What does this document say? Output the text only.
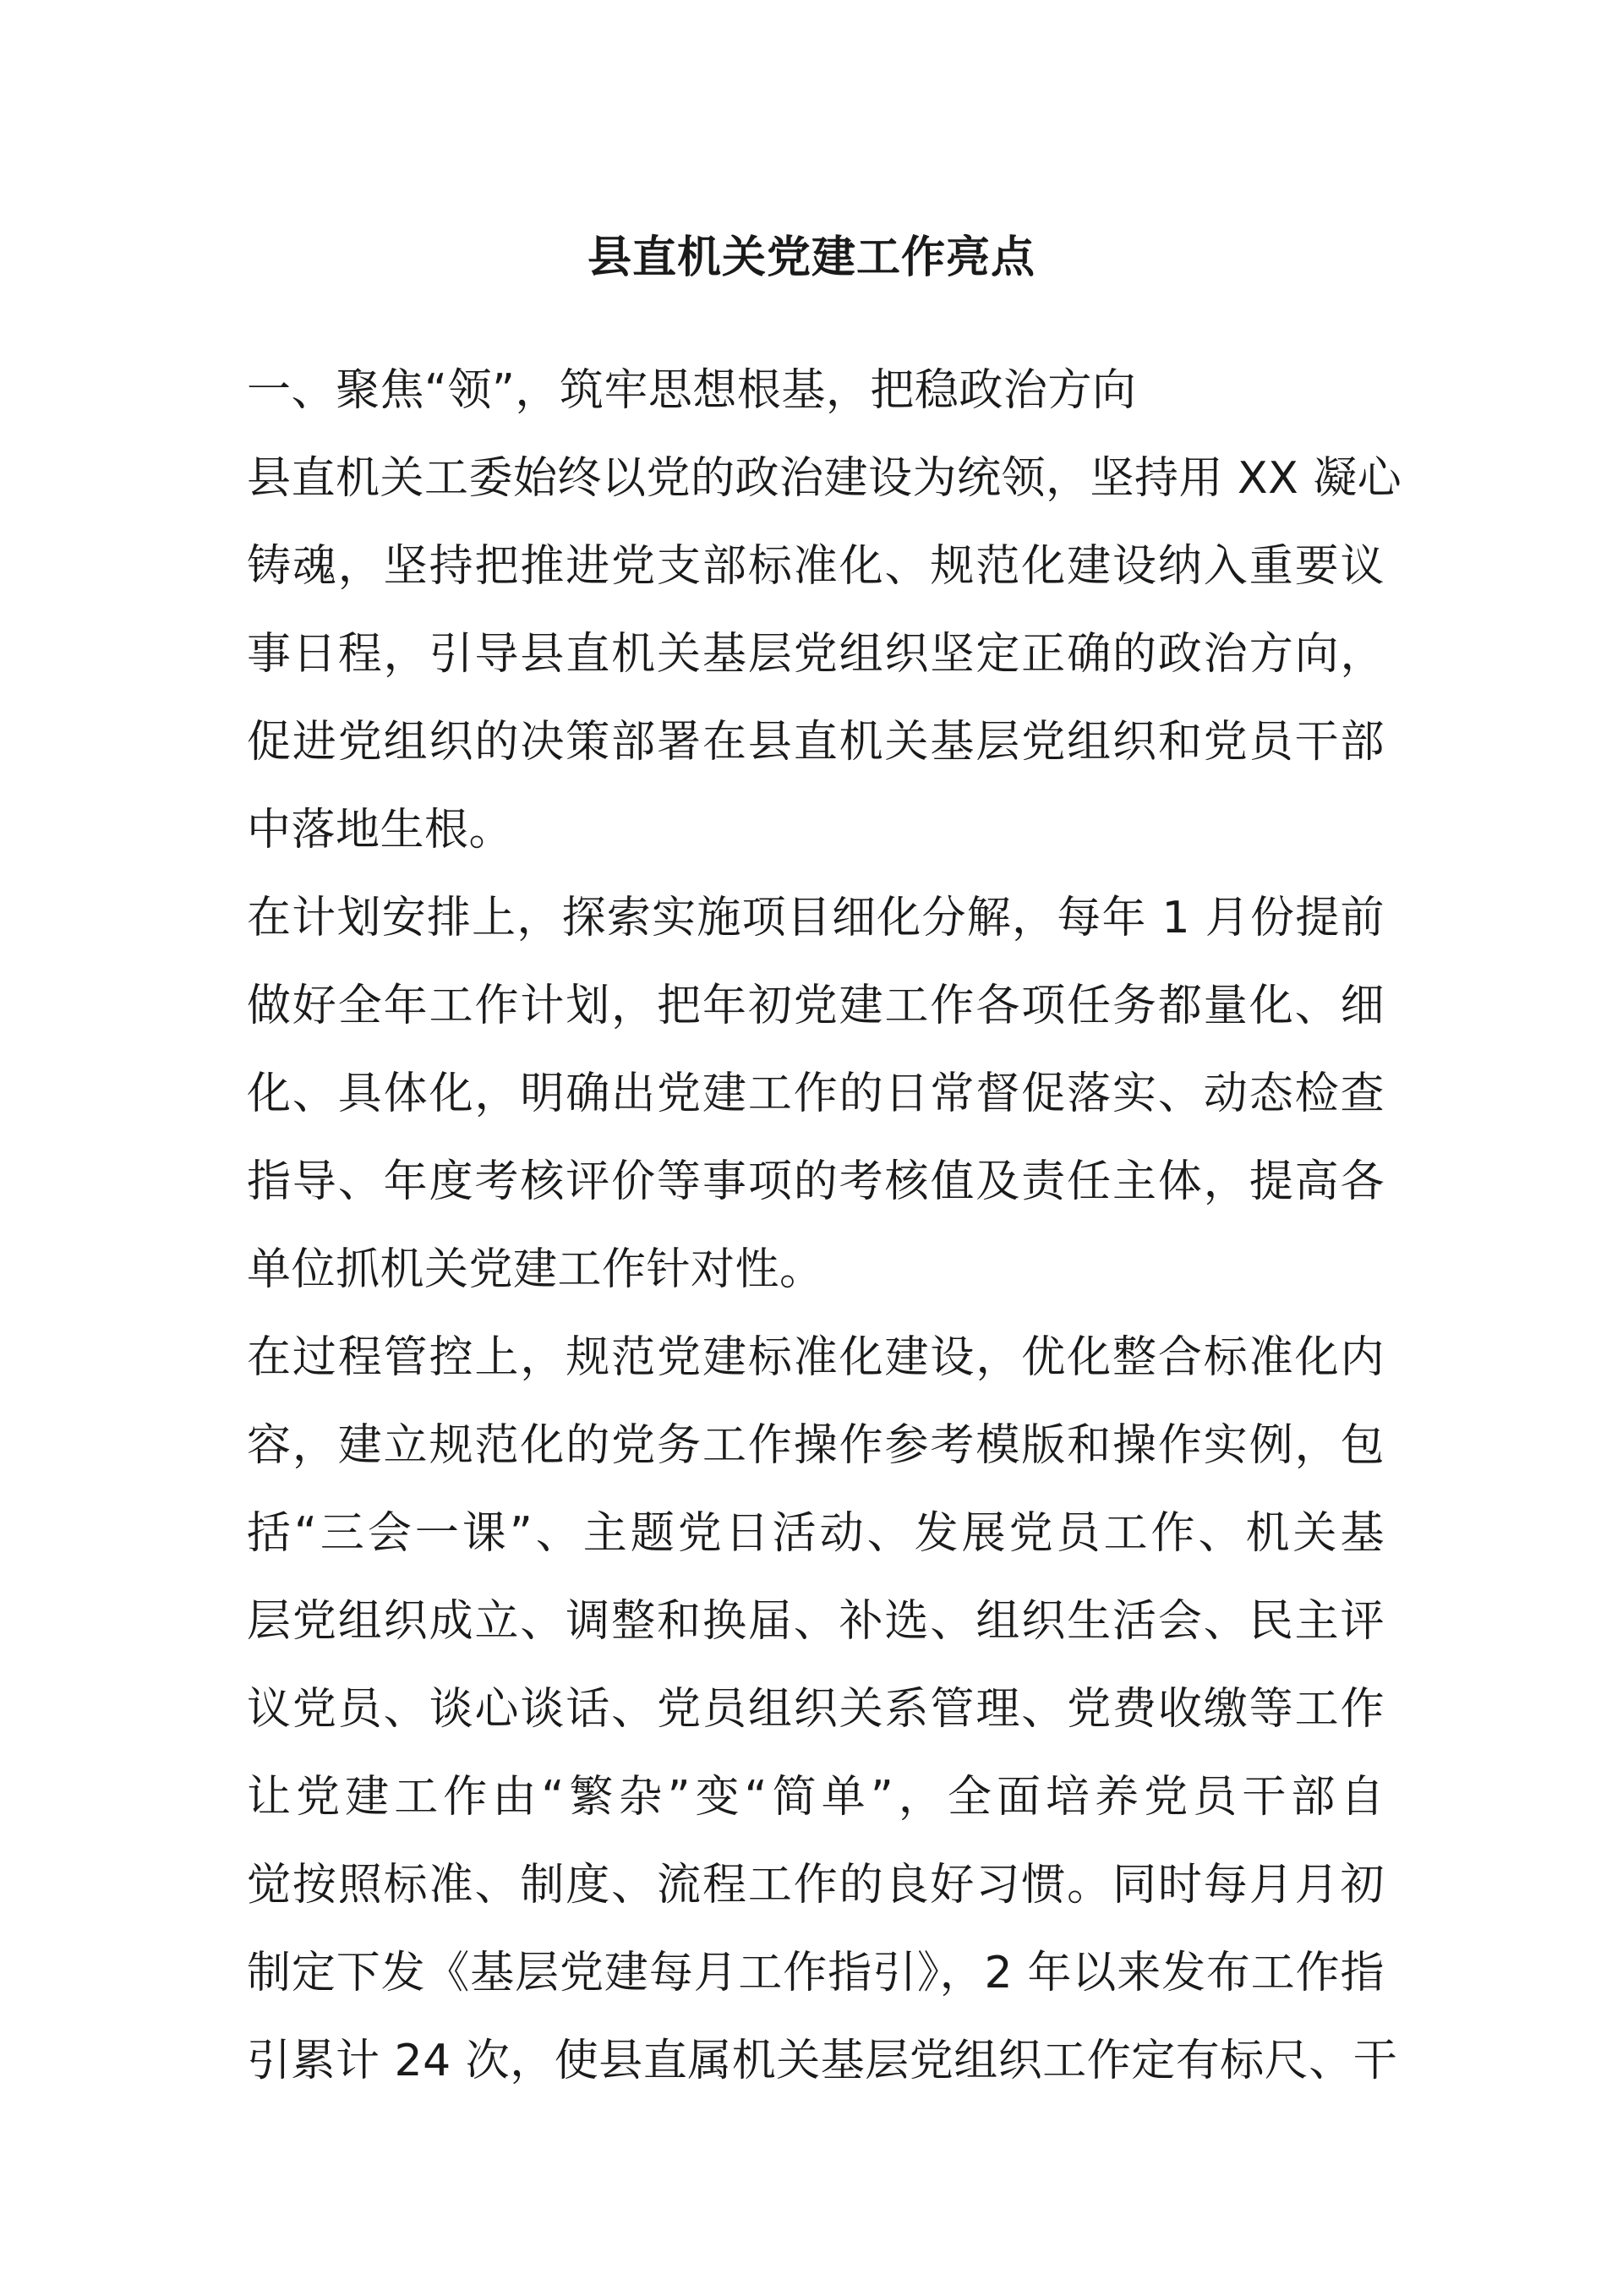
县直机关党建工作亮点
一、聚焦“领”，筑牢思想根基，把稳政治方向
县直机关工委始终以党的政治建设为统领，坚持用 XX 凝心
铸魂，坚持把推进党支部标准化、规范化建设纳入重要议
事日程，引导县直机关基层党组织坚定正确的政治方向，
促进党组织的决策部署在县直机关基层党组织和党员干部
中落地生根。
在计划安排上，探索实施项目细化分解，每年 1 月份提前
做好全年工作计划，把年初党建工作各项任务都量化、细
化、具体化，明确出党建工作的日常督促落实、动态检查
指导、年度考核评价等事项的考核值及责任主体，提高各
单位抓机关党建工作针对性。
在过程管控上，规范党建标准化建设，优化整合标准化内
容，建立规范化的党务工作操作参考模版和操作实例，包
括“三会一课”、主题党日活动、发展党员工作、机关基
层党组织成立、调整和换届、补选、组织生活会、民主评
议党员、谈心谈话、党员组织关系管理、党费收缴等工作
让党建工作由“繁杂”变“简单”，全面培养党员干部自
觉按照标准、制度、流程工作的良好习惯。同时每月月初
制定下发《基层党建每月工作指引》，2 年以来发布工作指
引累计 24 次，使县直属机关基层党组织工作定有标尺、干
